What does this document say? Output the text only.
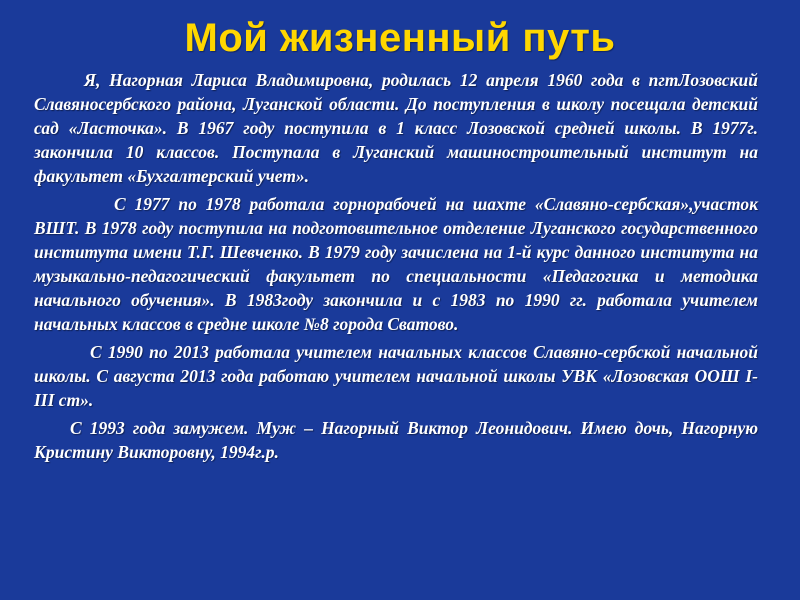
Мой жизненный путь

Я, Нагорная Лариса Владимировна, родилась 12 апреля 1960 года в пгтЛозовский Славяносербского района, Луганской области. До поступления в школу посещала детский сад «Ласточка». В 1967 году поступила в 1 класс Лозовской средней школы. В 1977г. закончила 10 классов. Поступала в Луганский машиностроительный институт на факультет «Бухгалтерский учет».

С 1977 по 1978 работала горнорабочей на шахте «Славяно-сербская»,участок ВШТ. В 1978 году поступила на подготовительное отделение Луганского государственного института имени Т.Г. Шевченко. В 1979 году зачислена на 1-й курс данного института на музыкально-педагогический факультет по специальности «Педагогика и методика начального обучения». В 1983году закончила и с 1983 по 1990 гг. работала учителем начальных классов в средне школе №8 города Сватово.

С 1990 по 2013 работала учителем начальных классов Славяно-сербской начальной школы. С августа 2013 года работаю учителем начальной школы УВК «Лозовская ООШ I-III ст».

С 1993 года замужем. Муж – Нагорный Виктор Леонидович. Имею дочь, Нагорную Кристину Викторовну, 1994г.р.
